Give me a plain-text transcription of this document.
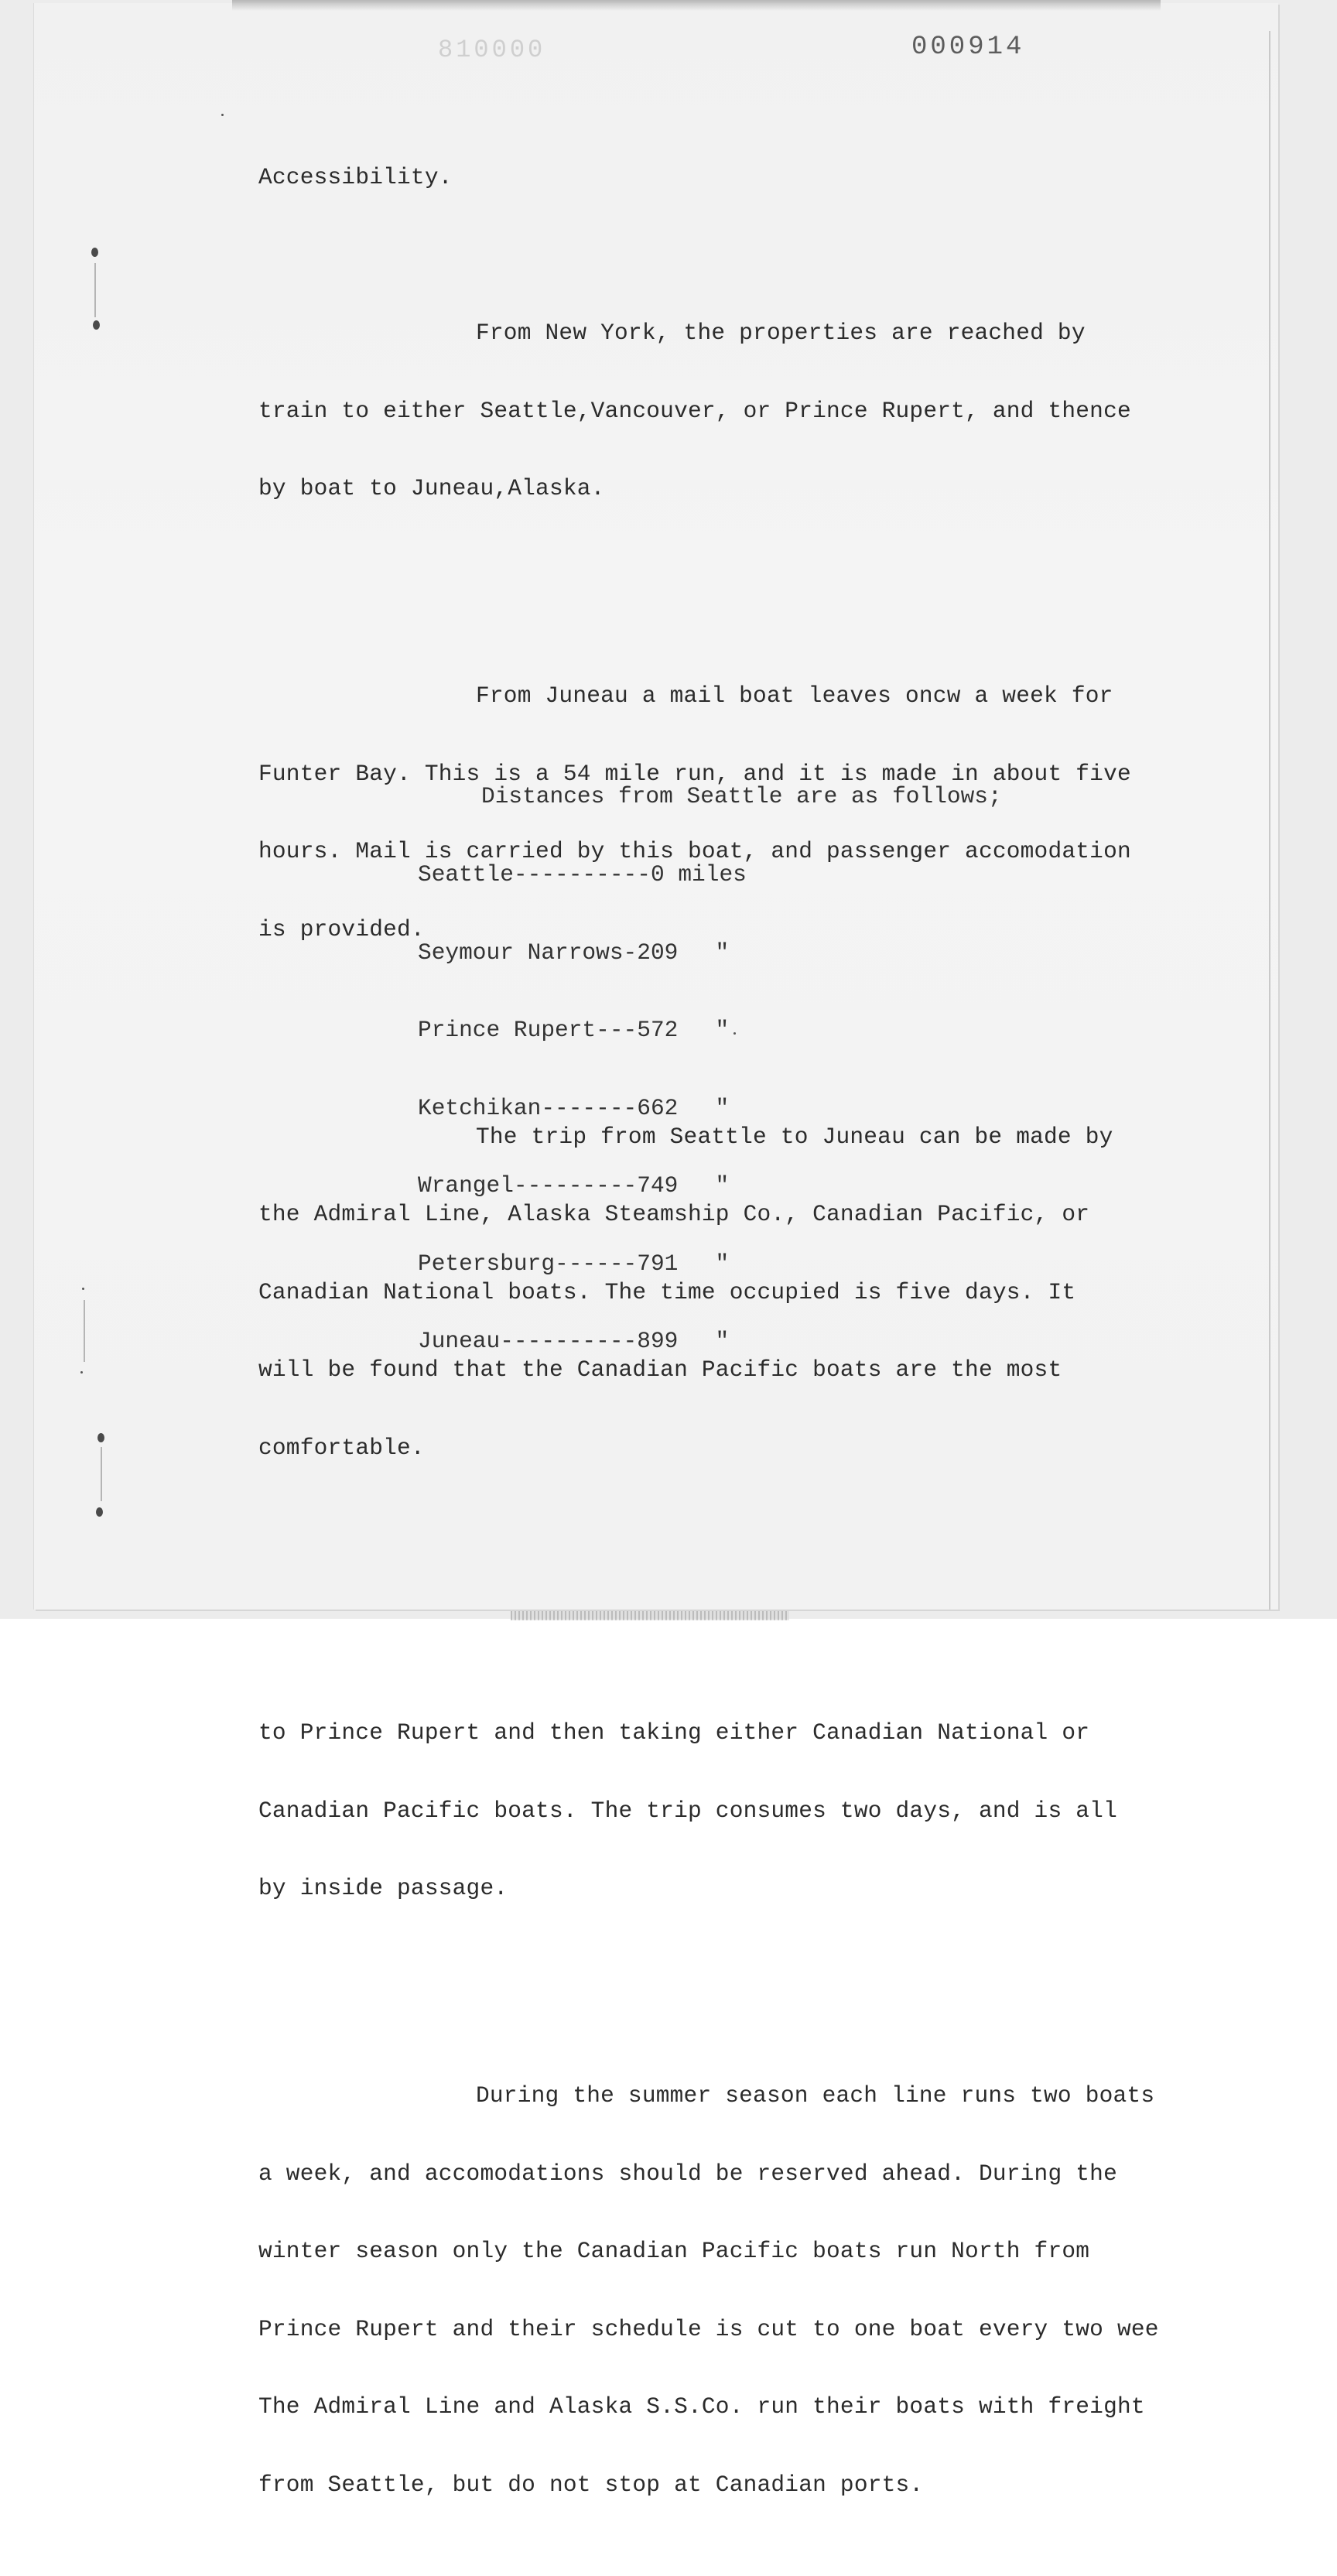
810000	000914

Accessibility.

From New York, the properties are reached by

train to either Seattle,Vancouver, or Prince Rupert, and thence

by boat to Juneau,Alaska.

From Juneau a mail boat leaves oncw a week for

Funter Bay. This is a 54 mile run, and it is made in about five

hours. Mail is carried by this boat, and passenger accomodation

is provided.

The trip from Seattle to Juneau can be made by

the Admiral Line, Alaska Steamship Co., Canadian Pacific, or

Canadian National boats. The time occupied is five days. It

will be found that the Canadian Pacific boats are the most

comfortable.

to Prince Rupert and then taking either Canadian National or

Canadian Pacific boats. The trip consumes two days, and is all

by inside passage.

During the summer season each line runs two boats

a week, and accomodations should be reserved ahead. During the

winter season only the Canadian Pacific boats run North from

Prince Rupert and their schedule is cut to one boat every two wee

The Admiral Line and Alaska S.S.Co. run their boats with freight

from Seattle, but do not stop at Canadian ports.

Distances from Seattle are as follows;

Seattle----------0 miles

Seymour Narrows-209 "

Prince Rupert---572 "

Ketchikan-------662 "

Wrangel---------749 "

Petersburg------791 "

Juneau----------899 "
